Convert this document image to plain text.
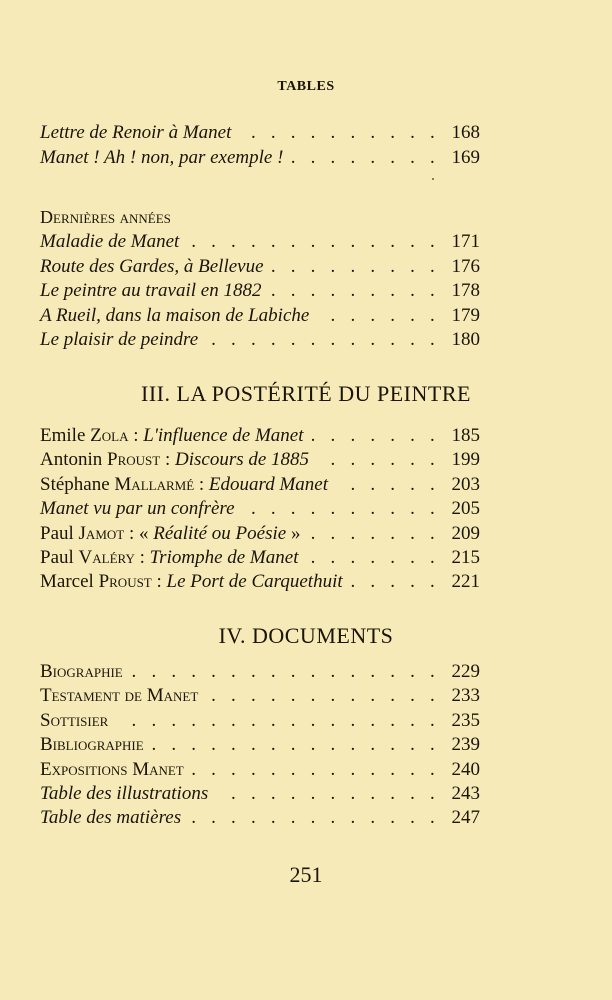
TABLES
Lettre de Renoir à Manet . . .	168
Manet ! Ah ! non, par exemple ! . . .	169
Dernières années
Maladie de Manet . . .	171
Route des Gardes, à Bellevue . . .	176
Le peintre au travail en 1882 . . .	178
A Rueil, dans la maison de Labiche . . .	179
Le plaisir de peindre . . .	180
III. LA POSTÉRITÉ DU PEINTRE
Emile Zola : L'influence de Manet . . .	185
Antonin Proust : Discours de 1885 . . .	199
Stéphane Mallarmé : Edouard Manet . . .	203
Manet vu par un confrère . . .	205
Paul Jamot : « Réalité ou Poésie » . . .	209
Paul Valéry : Triomphe de Manet . . .	215
Marcel Proust : Le Port de Carquethuit . . .	221
IV. DOCUMENTS
Biographie . . .	229
Testament de Manet . . .	233
Sottisier . . .	235
Bibliographie . . .	239
Expositions Manet . . .	240
Table des illustrations . . .	243
Table des matières . . .	247
251
